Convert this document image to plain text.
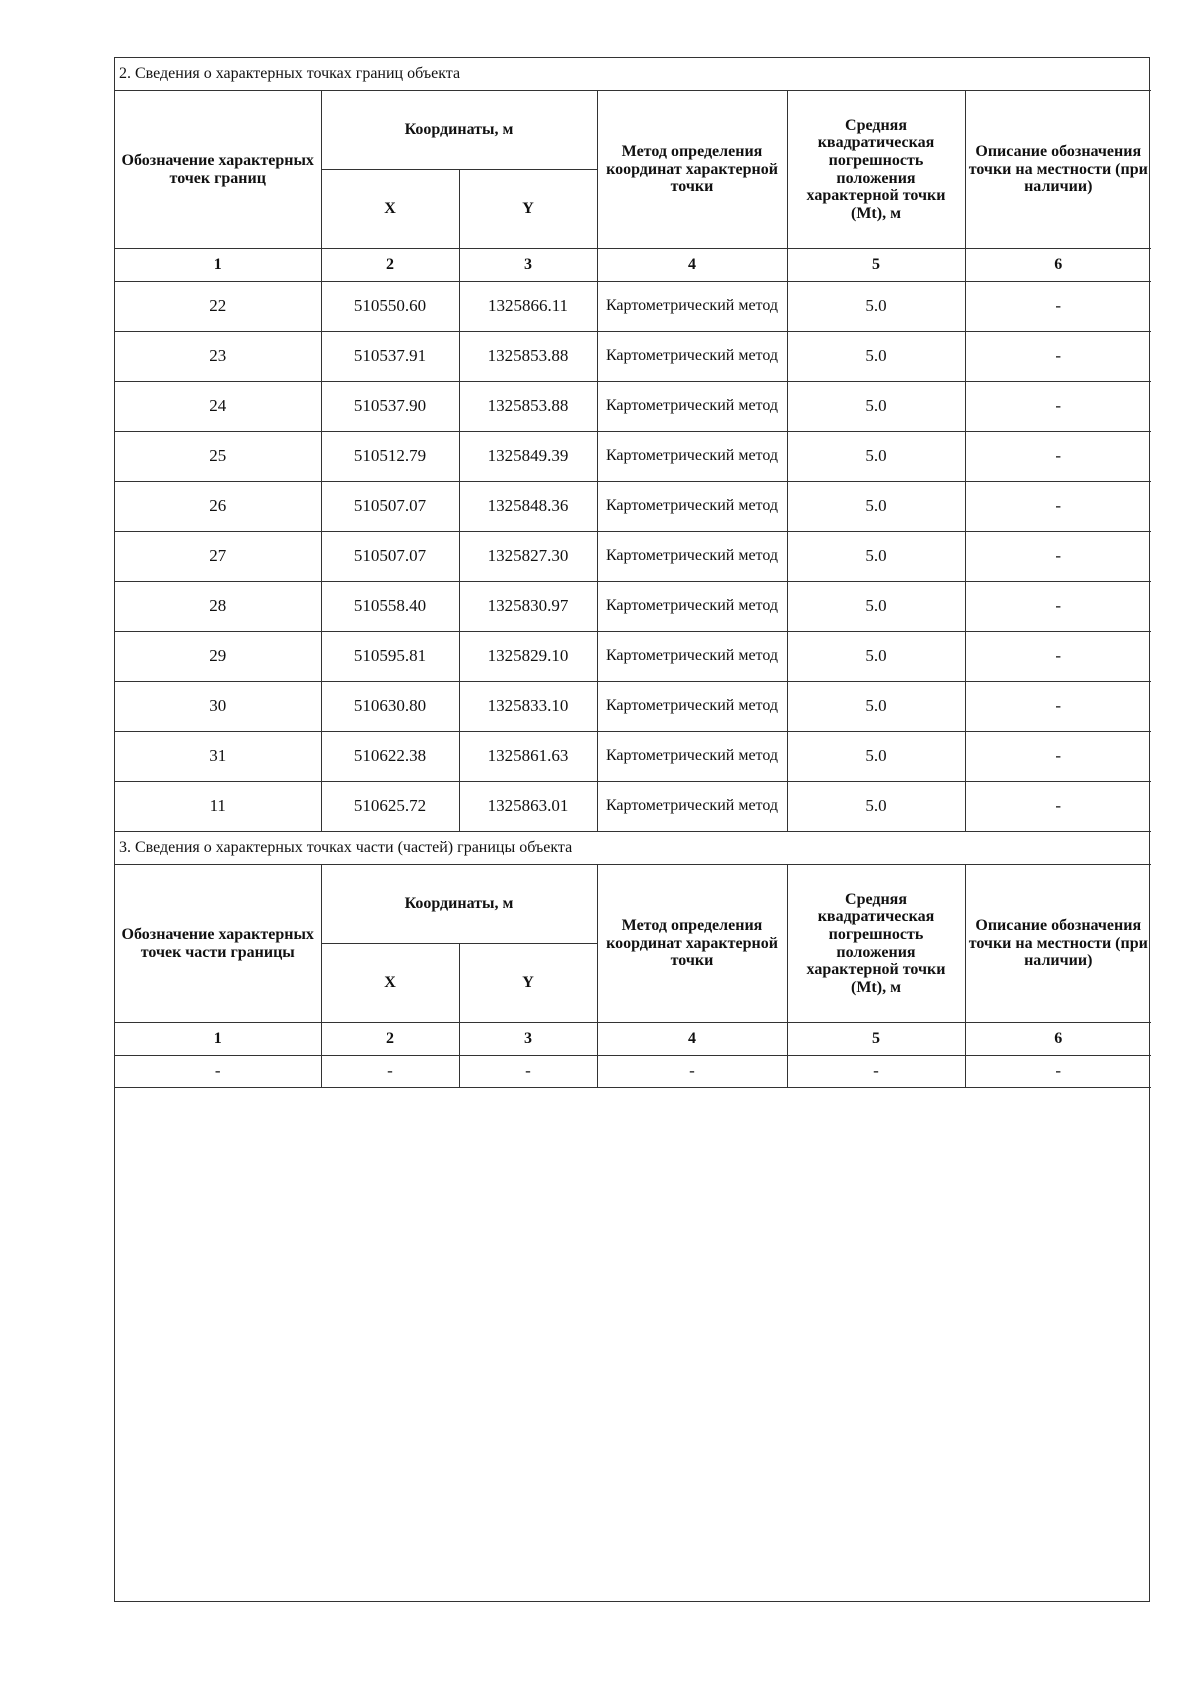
2. Сведения о характерных точках границ объекта					
Обозначение характерных точек границ	Координаты, м		Метод определения координат характерной точки	Средняя квадратическая погрешность положения характерной точки (Mt), м	Описание обозначения точки на местности (при наличии)
	X	Y			
1	2	3	4	5	6
22	510550.60	1325866.11	Картометрический метод	5.0	-
23	510537.91	1325853.88	Картометрический метод	5.0	-
24	510537.90	1325853.88	Картометрический метод	5.0	-
25	510512.79	1325849.39	Картометрический метод	5.0	-
26	510507.07	1325848.36	Картометрический метод	5.0	-
27	510507.07	1325827.30	Картометрический метод	5.0	-
28	510558.40	1325830.97	Картометрический метод	5.0	-
29	510595.81	1325829.10	Картометрический метод	5.0	-
30	510630.80	1325833.10	Картометрический метод	5.0	-
31	510622.38	1325861.63	Картометрический метод	5.0	-
11	510625.72	1325863.01	Картометрический метод	5.0	-
3. Сведения о характерных точках части (частей) границы объекта					
Обозначение характерных точек части границы	Координаты, м		Метод определения координат характерной точки	Средняя квадратическая погрешность положения характерной точки (Mt), м	Описание обозначения точки на местности (при наличии)
	X	Y			
1	2	3	4	5	6
-	-	-	-	-	-
